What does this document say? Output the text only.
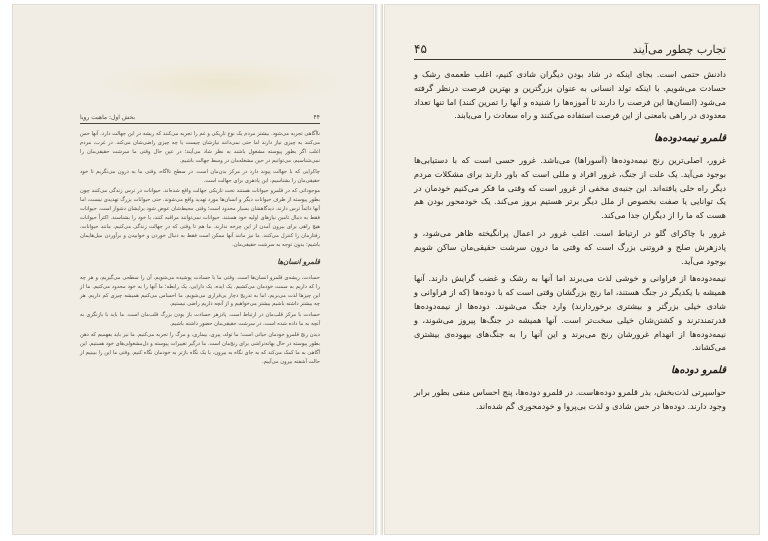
۴۴
بخش اول: ماهیت رویا

ناآگاهی تجربه می‌شود. بیشتر مردم یک نوع تاریکی و غم را تجربه می‌کنند که ریشه در این جهالت دارد. آنها حس می‌کنند به چیزی نیاز دارند اما حتی نمی‌دانند نیازشان چیست یا چه چیزی راضی‌شان می‌کند. در غرب، مردم اغلب اگر بطور پیوسته مشغول باشند به نظر شاد می‌آیند؛ در عین حال وقتی ما سرشت حقیقی‌مان را نمی‌شناسیم، می‌توانیم در حین مشغله‌مان در وسط جهالت باشیم.

چاکرایی که با جهالت پیوند دارد در مرکز بدن‌مان است. در سطح نااگاه، وقتی ما به درون می‌نگریم تا خود حقیقی‌مان را بشناسیم، این پاذهری برای جهالت است.

موجوداتی که در قلمرو حیوانات هستند تحت تاریکی جهالت واقع شده‌اند. حیوانات در ترس زندگی می‌کنند چون بطور پیوسته از طرف حیوانات دیگر و انسان‌ها مورد تهدید واقع می‌شوند. حتی حیوانات بزرگ تهدیدی نیست، اما آنها دائماً ترس دارند. دیدگاهشان بسیار محدود است؛ وقتی محیط‌شان عوض شود برایشان دشوار است. حیوانات فقط به دنبال تامین نیازهای اولیه خود هستند. حیوانات نمی‌توانند مراقبه کنند، یا خود را بشناسند. اکثراً حیوانات هیچ راهی برای بیرون آمدن از این چرخه ندارند. ما هم تا وقتی که در جهالت زندگی می‌کنیم، مانند حیوانات، رفتارمان را کنترل می‌کنند. ما نیز مانند آنها ممکن است فقط به دنبال خوردن و خوابیدن و برآوردن میل‌هایمان باشیم؛ بدون توجه به سرشت حقیقی‌مان.

قلمرو انسان‌ها

حسادت، ریشه‌ی قلمرو انسان‌ها است. وقتی ما با حسادت پوشیده می‌شویم، آن را سطحی می‌گیریم، و هر چه را که داریم به سمت خودمان می‌کشیم. یک ایده، یک دارایی، یک رابطه؛ ما آنها را به خود محدود می‌کنیم. ما از این چیزها لذت می‌بریم، اما به تدریج دچار بی‌قراری می‌شویم. ما احساس می‌کنیم همیشه چیزی کم داریم. هر چه بیشتر داشته باشیم بیشتر می‌خواهیم و از آنچه داریم راضی نیستیم.

حسادت با مرکز قلب‌مان در ارتباط است. پادزهر حسادت باز بودن بزرگ قلب‌مان است. ما باید با بازنگری به آنچه به ما داده شده است، در سرشت حقیقی‌مان حضور داشته باشیم.

دیدن رنج قلمرو خودمان حیاتی است؛ ما تولد، پیری، بیماری، و مرگ را تجربه می‌کنیم. ما نیز باید بفهمیم که ذهن بطور پیوسته در حال بهانه‌تراشی برای رنج‌مان است. ما درگیر تغییرات پیوسته و دل‌مشغولی‌های خود هستیم. این آگاهی به ما کمک می‌کند که به جای نگاه به بیرون، با یک نگاه بازتر به خودمان نگاه کنیم. وقتی ما این را ببینیم از حالت آشفته بیرون می‌آییم.

تجارب چطور می‌آیند
۴۵

دادنش حتمی است. بجای اینکه در شاد بودن دیگران شادی کنیم، اغلب طعمه‌ی رشک و حسادت می‌شویم. با اینکه تولد انسانی به عنوان بزرگترین و بهترین فرصت درنظر گرفته می‌شود (انسان‌ها این فرصت را دارند تا آموزه‌ها را شنیده و آنها را تمرین کنند) اما تنها تعداد معدودی در راهی بامعنی از این فرصت استفاده می‌کنند و راه سعادت را می‌یابند.

قلمرو نیمه‌دوده‌ها

غرور، اصلی‌ترین رنج نیمه‌دوده‌ها (آسوراها) می‌باشد. غرور حسی است که با دستیابی‌ها بوجود می‌آید. یک علت از جنگ، غرور افراد و مللی است که باور دارند برای مشکلات مردم دیگر راه حلی یافته‌اند. این جنبه‌ی مخفی از غرور است که وقتی ما فکر می‌کنیم خودمان در یک توانایی یا صفت بخصوص از ملل دیگر برتر هستیم بروز می‌کند. یک خودمحور بودن هم هست که ما را از دیگران جدا می‌کند.

غرور با چاکرای گلو در ارتباط است. اغلب غرور در اعمال پرانگیخته ظاهر می‌شود، و پادزهرش صلح و فروتنی بزرگ است که وقتی ما درون سرشت حقیقی‌مان ساکن شویم بوجود می‌آید.

نیمه‌دوده‌ها از فراوانی و خوشی لذت می‌برند اما آنها به رشک و غضب گرایش دارند. آنها همیشه با یکدیگر در جنگ هستند، اما رنج بزرگشان وقتی است که با دوده‌ها (که از فراوانی و شادی خیلی بزرگتر و بیشتری برخوردارند) وارد جنگ می‌شوند. دوده‌ها از نیمه‌دوده‌ها قدرتمندترند و کشتن‌شان خیلی سخت‌تر است. آنها همیشه در جنگ‌ها پیروز می‌شوند، و نیمه‌دوده‌ها از انهدام غرورشان رنج می‌برند و این آنها را به جنگ‌های بیهوده‌ی بیشتری می‌کشاند.

قلمرو دوده‌ها

حواسپرتی لذت‌بخش، بذر قلمرو دوده‌هاست. در قلمرو دوده‌ها، پنج احساس منفی بطور برابر وجود دارند. دوده‌ها در حس شادی و لذت بی‌پروا و خودمحوری گم شده‌اند.
